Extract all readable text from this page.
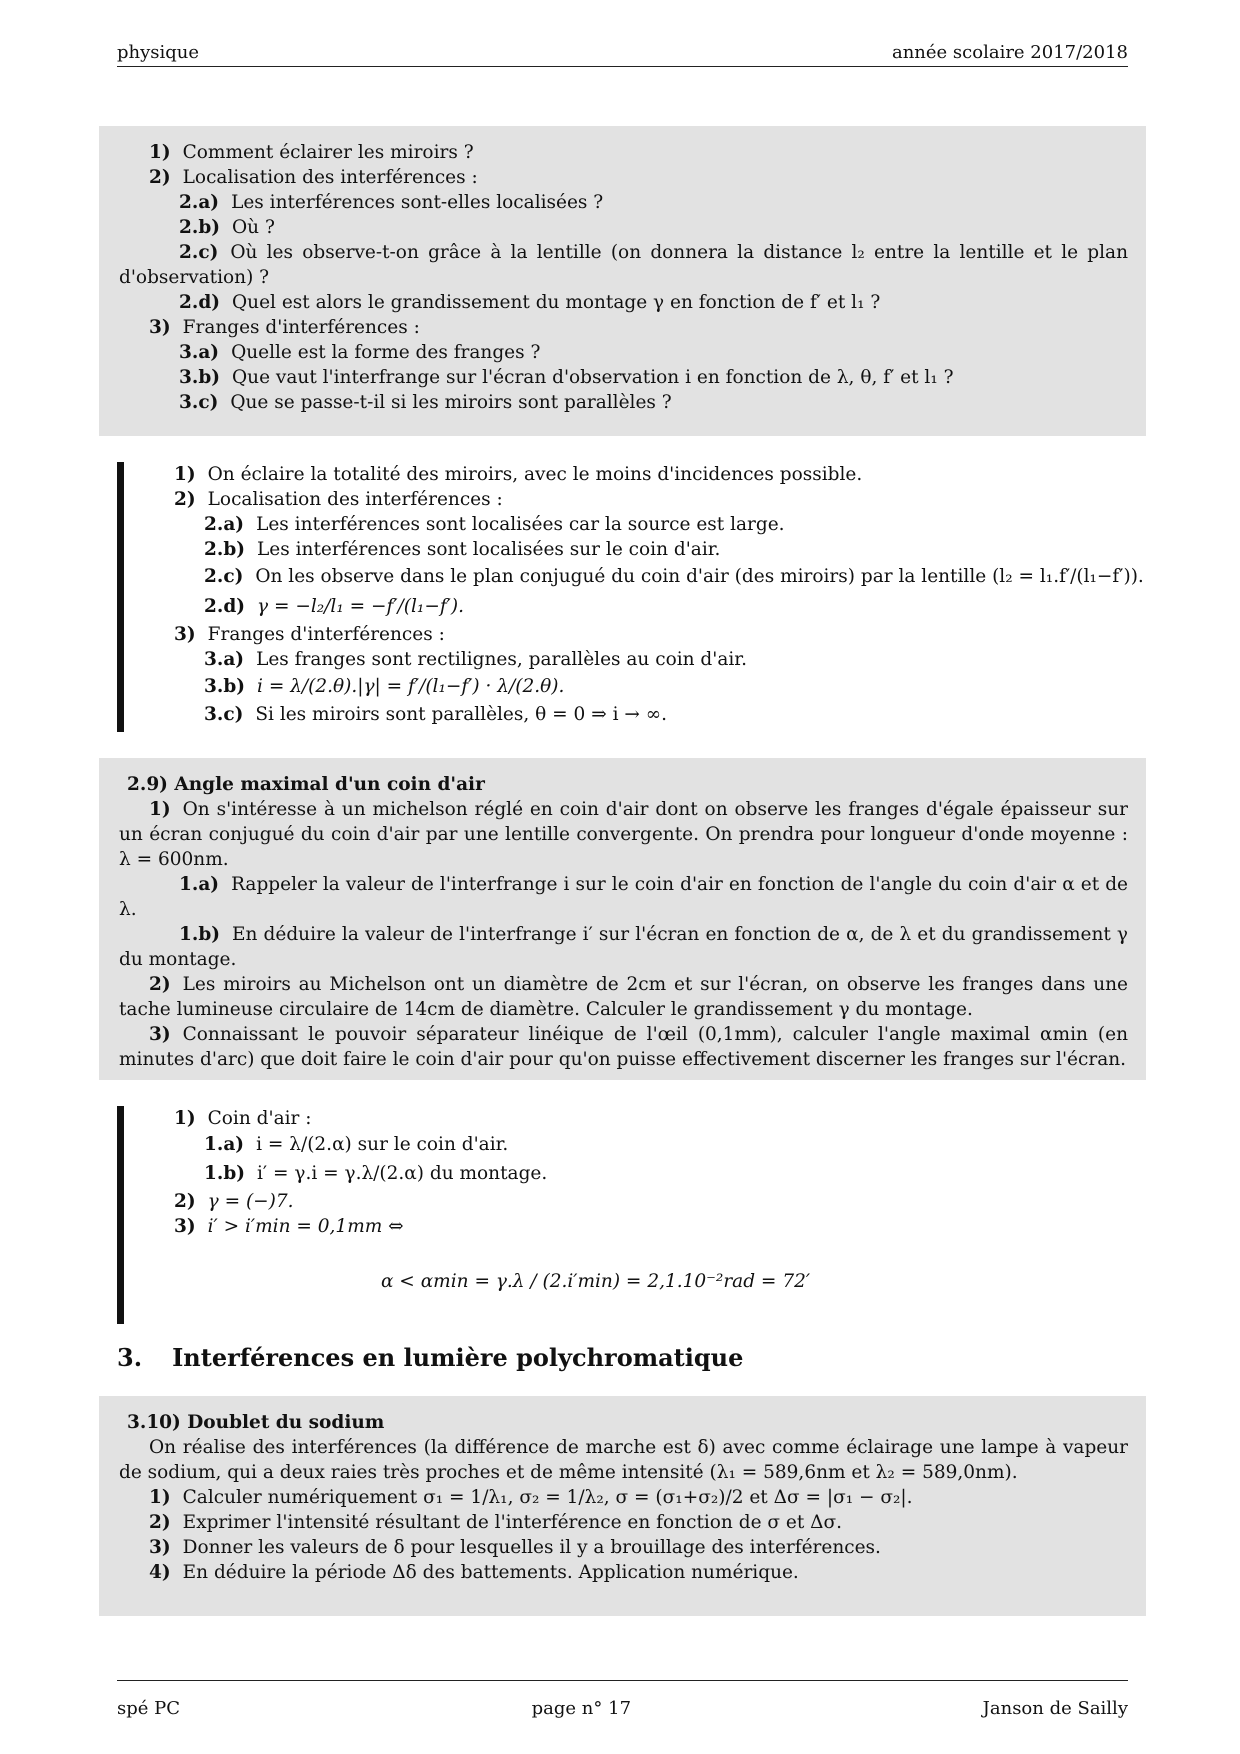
physique	année scolaire 2017/2018
1) Comment éclairer les miroirs ?
2) Localisation des interférences :
2.a) Les interférences sont-elles localisées ?
2.b) Où ?
2.c) Où les observe-t-on grâce à la lentille (on donnera la distance l₂ entre la lentille et le plan d'observation) ?
2.d) Quel est alors le grandissement du montage γ en fonction de f′ et l₁ ?
3) Franges d'interférences :
3.a) Quelle est la forme des franges ?
3.b) Que vaut l'interfrange sur l'écran d'observation i en fonction de λ, θ, f′ et l₁ ?
3.c) Que se passe-t-il si les miroirs sont parallèles ?
1) On éclaire la totalité des miroirs, avec le moins d'incidences possible.
2) Localisation des interférences :
2.a) Les interférences sont localisées car la source est large.
2.b) Les interférences sont localisées sur le coin d'air.
2.c) On les observe dans le plan conjugué du coin d'air (des miroirs) par la lentille (l₂ = l₁.f′/(l₁−f′)).
2.d) γ = −l₂/l₁ = −f′/(l₁−f′).
3) Franges d'interférences :
3.a) Les franges sont rectilignes, parallèles au coin d'air.
3.b) i = λ/(2.θ).|γ| = f′/(l₁−f′) · λ/(2.θ).
3.c) Si les miroirs sont parallèles, θ = 0 ⇒ i → ∞.
2.9) Angle maximal d'un coin d'air
1) On s'intéresse à un michelson réglé en coin d'air dont on observe les franges d'égale épaisseur sur un écran conjugué du coin d'air par une lentille convergente. On prendra pour longueur d'onde moyenne : λ = 600nm.
1.a) Rappeler la valeur de l'interfrange i sur le coin d'air en fonction de l'angle du coin d'air α et de λ.
1.b) En déduire la valeur de l'interfrange i′ sur l'écran en fonction de α, de λ et du grandissement γ du montage.
2) Les miroirs au Michelson ont un diamètre de 2cm et sur l'écran, on observe les franges dans une tache lumineuse circulaire de 14cm de diamètre. Calculer le grandissement γ du montage.
3) Connaissant le pouvoir séparateur linéique de l'œil (0,1mm), calculer l'angle maximal αmin (en minutes d'arc) que doit faire le coin d'air pour qu'on puisse effectivement discerner les franges sur l'écran.
1) Coin d'air :
1.a) i = λ/(2.α) sur le coin d'air.
1.b) i′ = γ.i = γ.λ/(2.α) du montage.
2) γ = (−)7.
3) i′ > i′min = 0,1mm ⇔
α < αmin = γ.λ / (2.i′min) = 2,1.10⁻²rad = 72′
3. Interférences en lumière polychromatique
3.10) Doublet du sodium
On réalise des interférences (la différence de marche est δ) avec comme éclairage une lampe à vapeur de sodium, qui a deux raies très proches et de même intensité (λ₁ = 589,6nm et λ₂ = 589,0nm).
1) Calculer numériquement σ₁ = 1/λ₁, σ₂ = 1/λ₂, σ = (σ₁+σ₂)/2 et Δσ = |σ₁ − σ₂|.
2) Exprimer l'intensité résultant de l'interférence en fonction de σ et Δσ.
3) Donner les valeurs de δ pour lesquelles il y a brouillage des interférences.
4) En déduire la période Δδ des battements. Application numérique.
spé PC	page n° 17	Janson de Sailly
